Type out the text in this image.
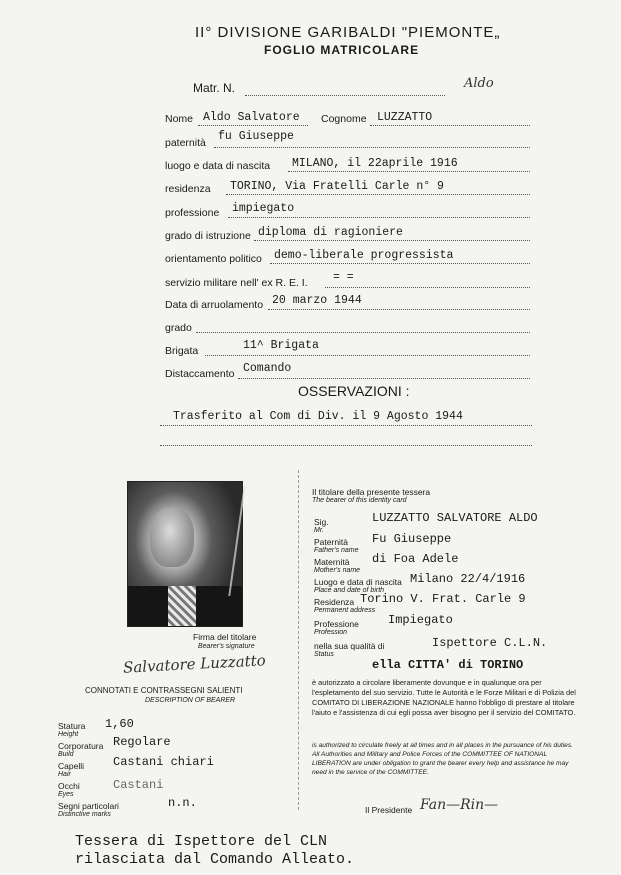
II° DIVISIONE GARIBALDI "PIEMONTE„
FOGLIO MATRICOLARE
Matr. N.	Aldo
Nome Aldo Salvatore Cognome LUZZATTO
paternità fu Giuseppe
luogo e data di nascita MILANO, il 22aprile 1916
residenza TORINO, Via Fratelli Carle n° 9
professione impiegato
grado di istruzione diploma di ragioniere
orientamento politico demo-liberale progressista
servizio militare nell' ex R. E. I. = =
Data di arruolamento 20 marzo 1944
grado
Brigata	11^ Brigata
Distaccamento Comando
OSSERVAZIONI :
Trasferito al Com di Div. il 9 Agosto 1944
Firma del titolare
Bearer's signature
Salvatore Luzzatto
CONNOTATI E CONTRASSEGNI SALIENTI
DESCRIPTION OF BEARER
Statura
Height
1,60
Corporatura
Build
Regolare
Capelli
Hair
Castani chiari
Occhi
Eyes
Castani
Segni particolari
Distinctive marks
n.n.
Il titolare della presente tessera
The bearer of this identity card
Sig.
Mr.
LUZZATTO SALVATORE ALDO
Paternità
Father's name
Fu Giuseppe
Maternità
Mother's name
di Foa Adele
Luogo e data di nascita
Place and date of birth
Milano 22/4/1916
Residenza
Permanent address
Torino V. Frat. Carle 9
Professione
Profession
Impiegato
nella sua qualità di
Status
Ispettore C.L.N.
ella CITTA' di TORINO
è autorizzato a circolare liberamente dovunque e in qualunque ora per l'espletamento del suo servizio. Tutte le Autorità e le Forze Militari e di Polizia del COMITATO DI LIBERAZIONE NAZIONALE hanno l'obbligo di prestare al titolare l'aiuto e l'assistenza di cui egli possa aver bisogno per il servizio del COMITATO.
is authorized to circulate freely at all times and in all places in the pursuance of his duties. All Authorities and Military and Police Forces of the COMMITTEE OF NATIONAL LIBERATION are under obligation to grant the bearer every help and assistance he may need in the service of the COMMITTEE.
Il Presidente Fan—Rin—
Tessera di Ispettore del CLN
rilasciata dal Comando Alleato.
